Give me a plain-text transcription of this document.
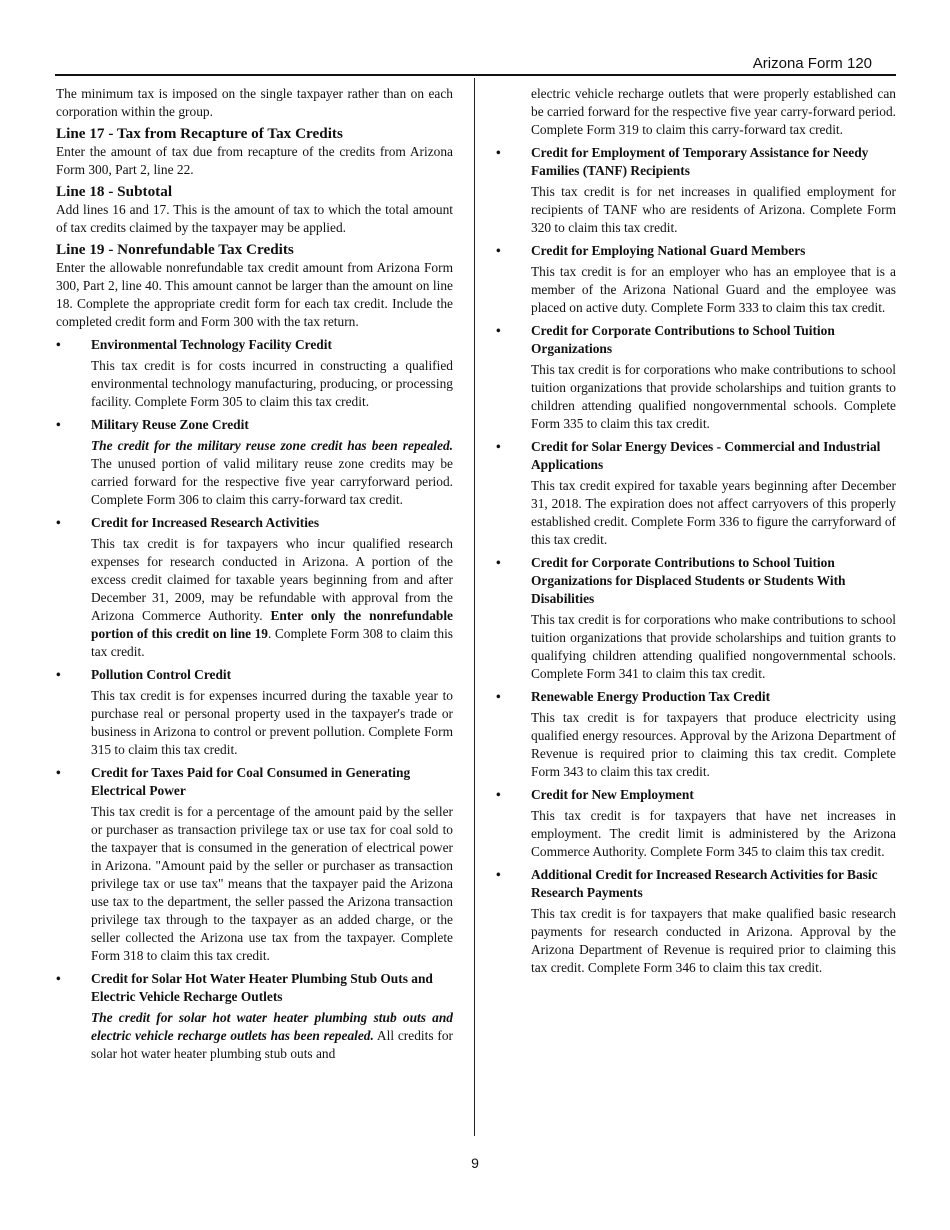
Arizona Form 120

The minimum tax is imposed on the single taxpayer rather than on each corporation within the group.

Line 17 - Tax from Recapture of Tax Credits

Enter the amount of tax due from recapture of the credits from Arizona Form 300, Part 2, line 22.

Line 18 - Subtotal

Add lines 16 and 17. This is the amount of tax to which the total amount of tax credits claimed by the taxpayer may be applied.

Line 19 - Nonrefundable Tax Credits

Enter the allowable nonrefundable tax credit amount from Arizona Form 300, Part 2, line 40. This amount cannot be larger than the amount on line 18. Complete the appropriate credit form for each tax credit. Include the completed credit form and Form 300 with the tax return.

• Environmental Technology Facility Credit

This tax credit is for costs incurred in constructing a qualified environmental technology manufacturing, producing, or processing facility. Complete Form 305 to claim this tax credit.

• Military Reuse Zone Credit

The credit for the military reuse zone credit has been repealed. The unused portion of valid military reuse zone credits may be carried forward for the respective five year carryforward period. Complete Form 306 to claim this carry-forward tax credit.

• Credit for Increased Research Activities

This tax credit is for taxpayers who incur qualified research expenses for research conducted in Arizona. A portion of the excess credit claimed for taxable years beginning from and after December 31, 2009, may be refundable with approval from the Arizona Commerce Authority. Enter only the nonrefundable portion of this credit on line 19. Complete Form 308 to claim this tax credit.

• Pollution Control Credit

This tax credit is for expenses incurred during the taxable year to purchase real or personal property used in the taxpayer's trade or business in Arizona to control or prevent pollution. Complete Form 315 to claim this tax credit.

• Credit for Taxes Paid for Coal Consumed in Generating Electrical Power

This tax credit is for a percentage of the amount paid by the seller or purchaser as transaction privilege tax or use tax for coal sold to the taxpayer that is consumed in the generation of electrical power in Arizona. "Amount paid by the seller or purchaser as transaction privilege tax or use tax" means that the taxpayer paid the Arizona use tax to the department, the seller passed the Arizona transaction privilege tax through to the taxpayer as an added charge, or the seller collected the Arizona use tax from the taxpayer. Complete Form 318 to claim this tax credit.

• Credit for Solar Hot Water Heater Plumbing Stub Outs and Electric Vehicle Recharge Outlets

The credit for solar hot water heater plumbing stub outs and electric vehicle recharge outlets has been repealed. All credits for solar hot water heater plumbing stub outs and

electric vehicle recharge outlets that were properly established can be carried forward for the respective five year carry-forward period. Complete Form 319 to claim this carry-forward tax credit.

• Credit for Employment of Temporary Assistance for Needy Families (TANF) Recipients

This tax credit is for net increases in qualified employment for recipients of TANF who are residents of Arizona. Complete Form 320 to claim this tax credit.

• Credit for Employing National Guard Members

This tax credit is for an employer who has an employee that is a member of the Arizona National Guard and the employee was placed on active duty. Complete Form 333 to claim this tax credit.

• Credit for Corporate Contributions to School Tuition Organizations

This tax credit is for corporations who make contributions to school tuition organizations that provide scholarships and tuition grants to children attending qualified nongovernmental schools. Complete Form 335 to claim this tax credit.

• Credit for Solar Energy Devices - Commercial and Industrial Applications

This tax credit expired for taxable years beginning after December 31, 2018. The expiration does not affect carryovers of this properly established credit. Complete Form 336 to figure the carryforward of this tax credit.

• Credit for Corporate Contributions to School Tuition Organizations for Displaced Students or Students With Disabilities

This tax credit is for corporations who make contributions to school tuition organizations that provide scholarships and tuition grants to qualifying children attending qualified nongovernmental schools. Complete Form 341 to claim this tax credit.

• Renewable Energy Production Tax Credit

This tax credit is for taxpayers that produce electricity using qualified energy resources. Approval by the Arizona Department of Revenue is required prior to claiming this tax credit. Complete Form 343 to claim this tax credit.

• Credit for New Employment

This tax credit is for taxpayers that have net increases in employment. The credit limit is administered by the Arizona Commerce Authority. Complete Form 345 to claim this tax credit.

• Additional Credit for Increased Research Activities for Basic Research Payments

This tax credit is for taxpayers that make qualified basic research payments for research conducted in Arizona. Approval by the Arizona Department of Revenue is required prior to claiming this tax credit. Complete Form 346 to claim this tax credit.

9
